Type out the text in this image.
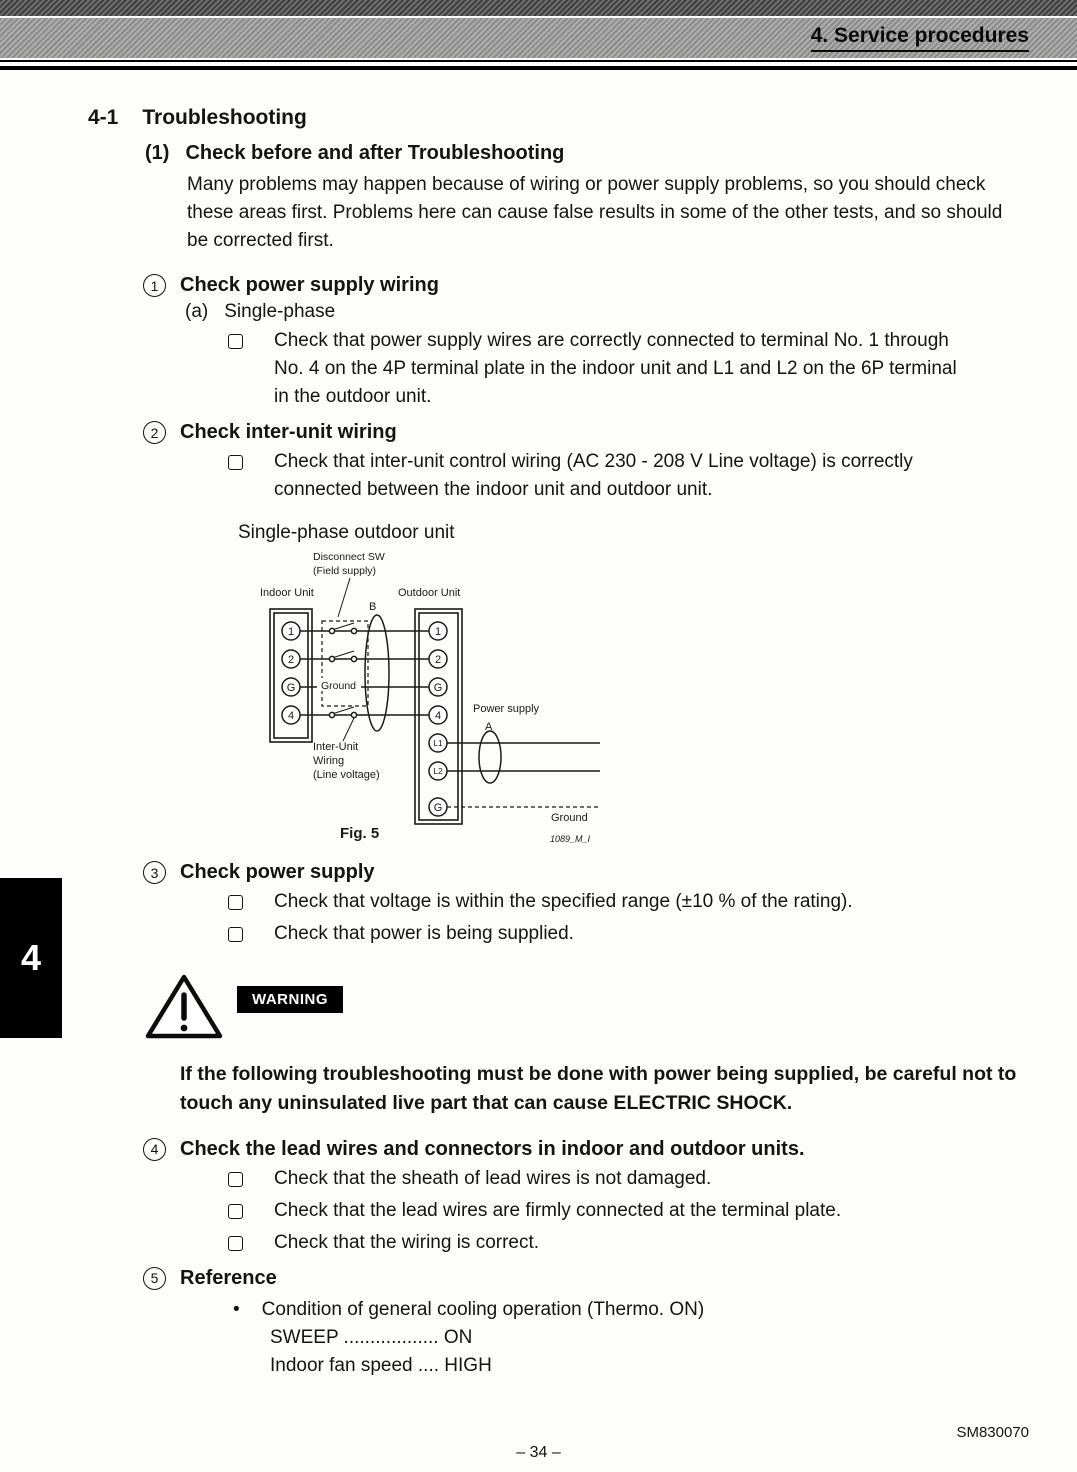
4. Service procedures
4-1 Troubleshooting
(1) Check before and after Troubleshooting

Many problems may happen because of wiring or power supply problems, so you should check these areas first. Problems here can cause false results in some of the other tests, and so should be corrected first.

1	Check power supply wiring
(a) Single-phase
Check that power supply wires are correctly connected to terminal No. 1 through No. 4 on the 4P terminal plate in the indoor unit and L1 and L2 on the 6P terminal in the outdoor unit.
2	Check inter-unit wiring
Check that inter-unit control wiring (AC 230 - 208 V Line voltage) is correctly connected between the indoor unit and outdoor unit.
Single-phase outdoor unit
Disconnect SW
(Field supply)
Indoor Unit	Outdoor Unit
B
Ground
1
2
G
4
1
2
G
4
L1
L2
G
Power supply
A
Ground
Inter-Unit
Wiring
(Line voltage)
Fig. 5	1089_M_I
3	Check power supply
Check that voltage is within the specified range (±10 % of the rating).
Check that power is being supplied.
WARNING

If the following troubleshooting must be done with power being supplied, be careful not to touch any uninsulated live part that can cause ELECTRIC SHOCK.

4	Check the lead wires and connectors in indoor and outdoor units.
Check that the sheath of lead wires is not damaged.
Check that the lead wires are firmly connected at the terminal plate.
Check that the wiring is correct.
5	Reference
• Condition of general cooling operation (Thermo. ON)
SWEEP .................. ON
Indoor fan speed .... HIGH
4
SM830070
– 34 –
